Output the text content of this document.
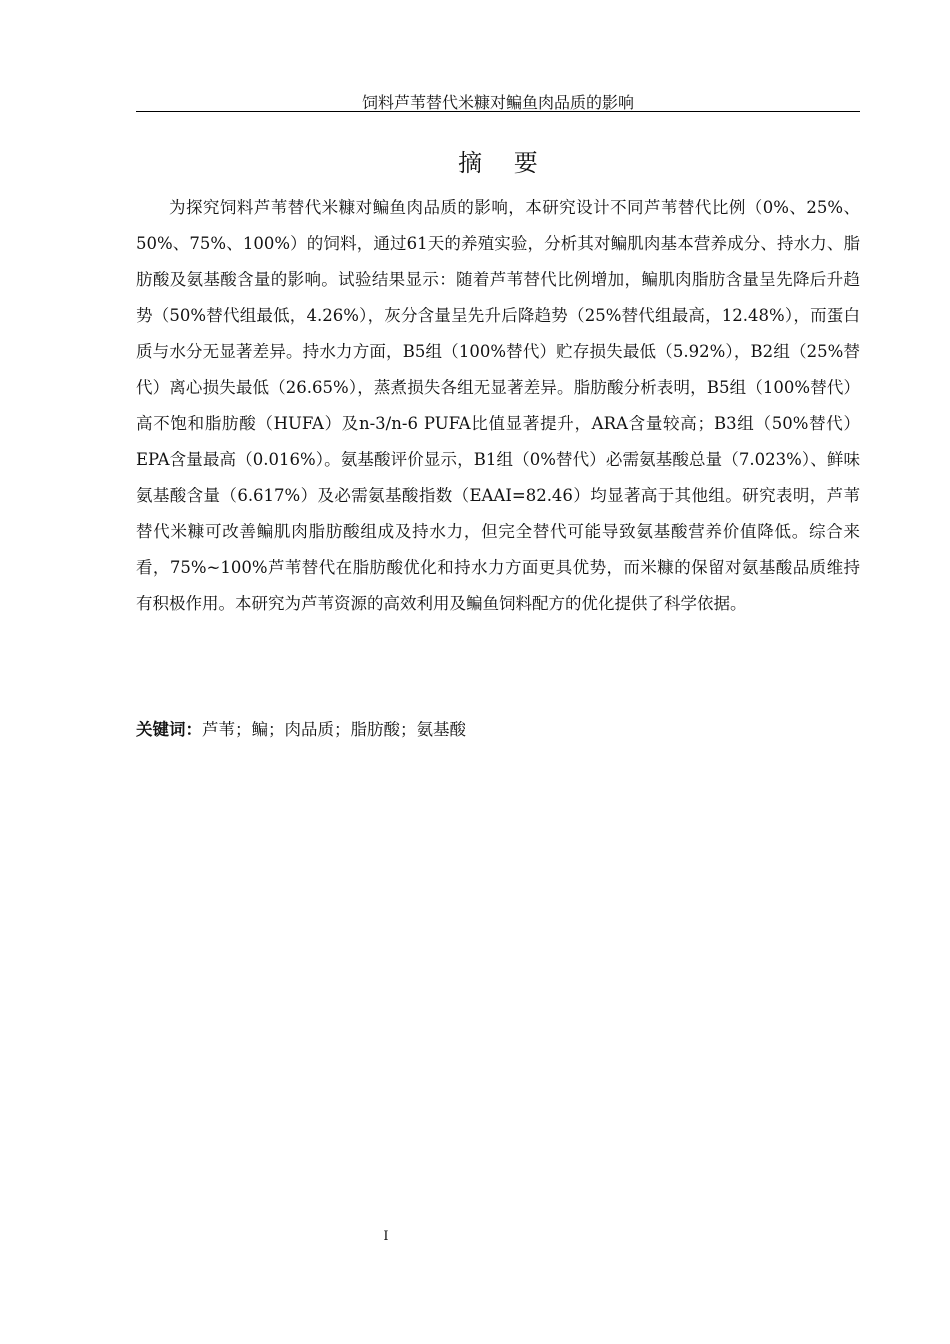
饲料芦苇替代米糠对鳊鱼肉品质的影响
摘 要

为探究饲料芦苇替代米糠对鳊鱼肉品质的影响，本研究设计不同芦苇替代比例（0%、25%、50%、75%、100%）的饲料，通过61天的养殖实验，分析其对鳊肌肉基本营养成分、持水力、脂肪酸及氨基酸含量的影响。试验结果显示：随着芦苇替代比例增加，鳊肌肉脂肪含量呈先降后升趋势（50%替代组最低，4.26%），灰分含量呈先升后降趋势（25%替代组最高，12.48%），而蛋白质与水分无显著差异。持水力方面，B5组（100%替代）贮存损失最低（5.92%），B2组（25%替代）离心损失最低（26.65%），蒸煮损失各组无显著差异。脂肪酸分析表明，B5组（100%替代）高不饱和脂肪酸（HUFA）及n-3/n-6 PUFA比值显著提升，ARA含量较高；B3组（50%替代）EPA含量最高（0.016%）。氨基酸评价显示，B1组（0%替代）必需氨基酸总量（7.023%）、鲜味氨基酸含量（6.617%）及必需氨基酸指数（EAAI=82.46）均显著高于其他组。研究表明，芦苇替代米糠可改善鳊肌肉脂肪酸组成及持水力，但完全替代可能导致氨基酸营养价值降低。综合来看，75%~100%芦苇替代在脂肪酸优化和持水力方面更具优势，而米糠的保留对氨基酸品质维持有积极作用。本研究为芦苇资源的高效利用及鳊鱼饲料配方的优化提供了科学依据。

关键词：芦苇；鳊；肉品质；脂肪酸；氨基酸
I
